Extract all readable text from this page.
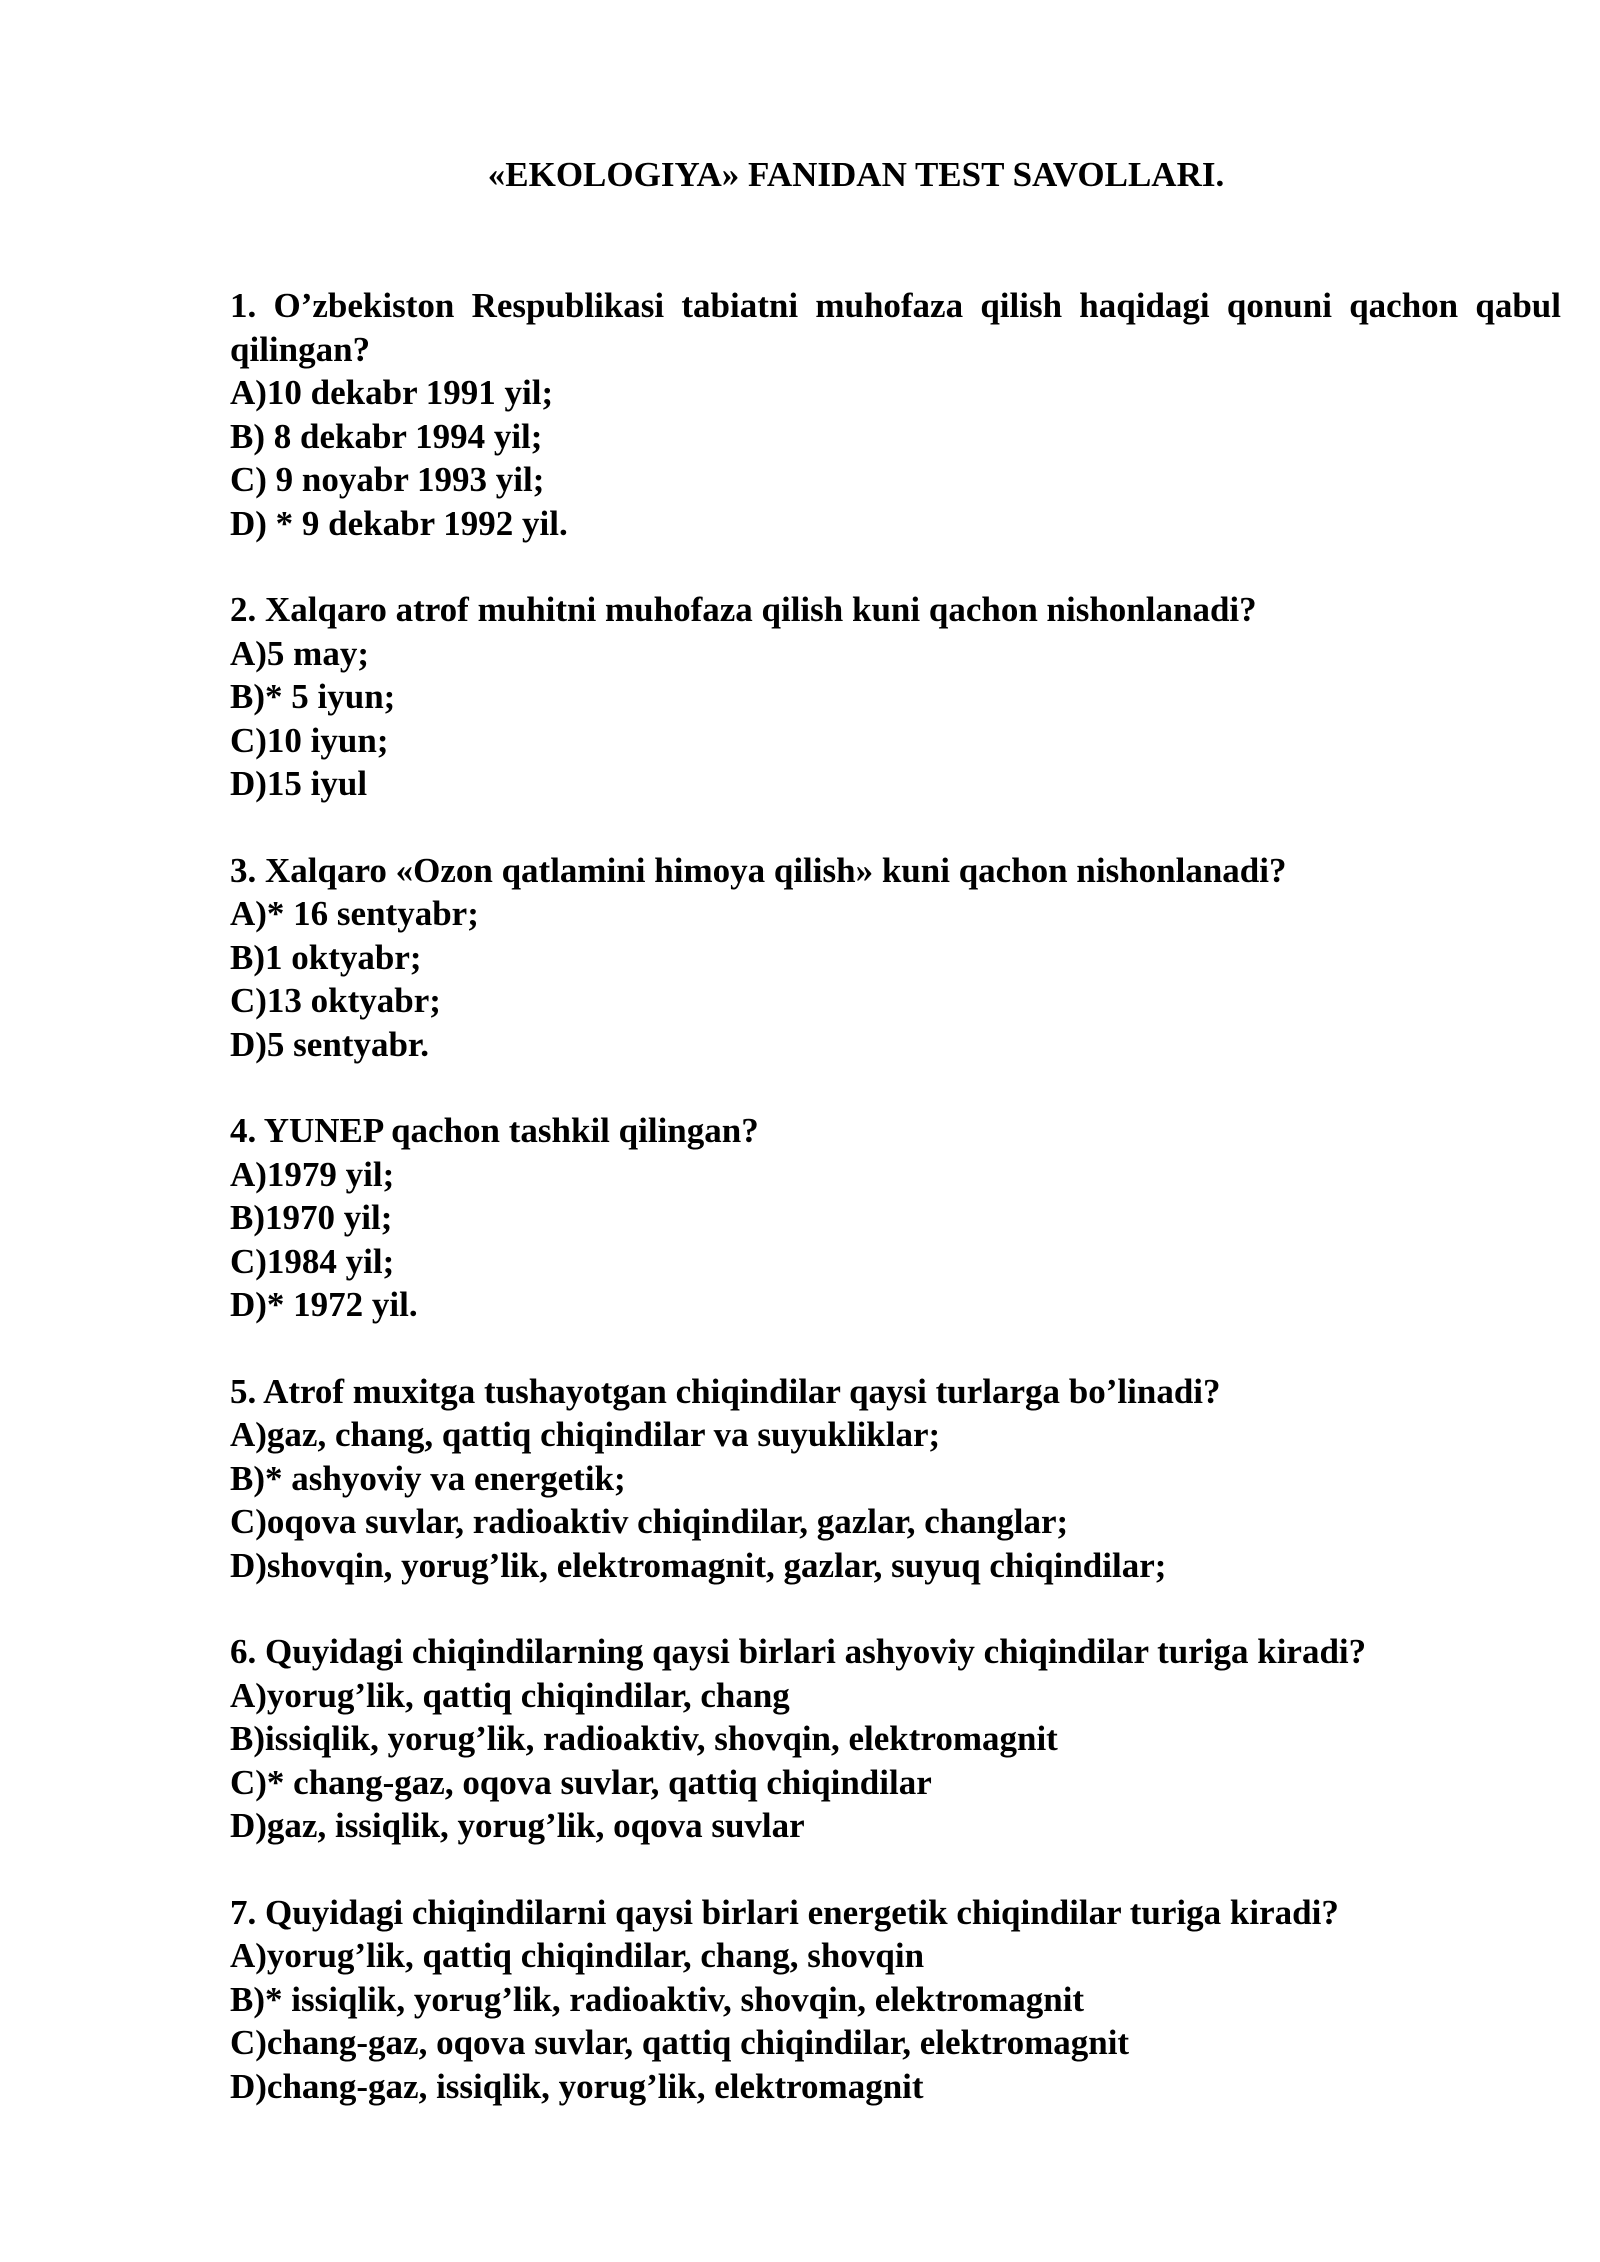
«EKOLOGIYA» FANIDAN TEST SAVOLLARI.
1. O’zbekiston Respublikasi tabiatni muhofaza qilish haqidagi qonuni qachon qabul qilingan?
A)10 dekabr 1991 yil;
B) 8 dekabr 1994 yil;
C) 9 noyabr 1993 yil;
D) * 9 dekabr 1992 yil.
2. Xalqaro atrof muhitni muhofaza qilish kuni qachon nishonlanadi?
A)5 may;
B)* 5 iyun;
C)10 iyun;
D)15 iyul
3. Xalqaro «Ozon qatlamini himoya qilish» kuni qachon nishonlanadi?
A)* 16 sentyabr;
B)1 oktyabr;
C)13 oktyabr;
D)5 sentyabr.
4. YUNEP qachon tashkil qilingan?
A)1979 yil;
B)1970 yil;
C)1984 yil;
D)* 1972 yil.
5. Atrof muxitga tushayotgan chiqindilar qaysi turlarga bo’linadi?
A)gaz, chang, qattiq chiqindilar va suyukliklar;
B)* ashyoviy va energetik;
C)oqova suvlar, radioaktiv chiqindilar, gazlar, changlar;
D)shovqin, yorug’lik, elektromagnit, gazlar, suyuq chiqindilar;
6. Quyidagi chiqindilarning qaysi birlari ashyoviy chiqindilar turiga kiradi?
A)yorug’lik, qattiq chiqindilar, chang
B)issiqlik, yorug’lik, radioaktiv, shovqin, elektromagnit
C)* chang-gaz, oqova suvlar, qattiq chiqindilar
D)gaz, issiqlik, yorug’lik, oqova suvlar
7. Quyidagi chiqindilarni qaysi birlari energetik chiqindilar turiga kiradi?
A)yorug’lik, qattiq chiqindilar, chang, shovqin
B)* issiqlik, yorug’lik, radioaktiv, shovqin, elektromagnit
C)chang-gaz, oqova suvlar, qattiq chiqindilar, elektromagnit
D)chang-gaz, issiqlik, yorug’lik, elektromagnit
